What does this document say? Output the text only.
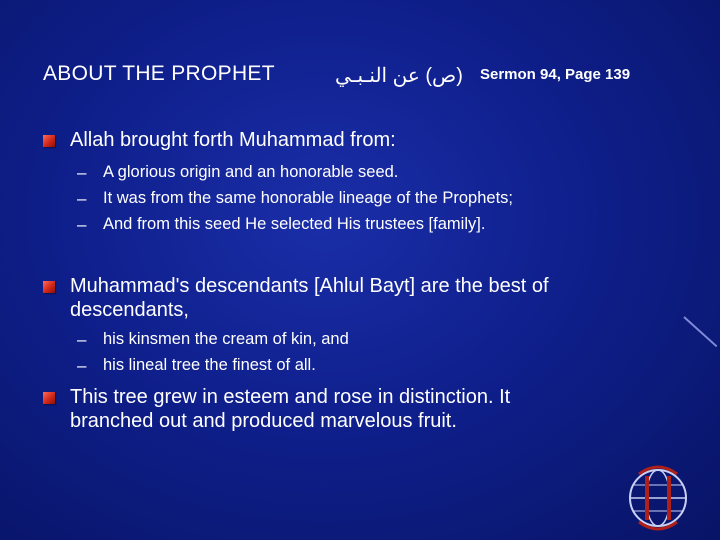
ABOUT THE PROPHET	(ص) عن النـبـي Sermon 94, Page 139
Allah brought forth Muhammad from:
– A glorious origin and an honorable seed.
– It was from the same honorable lineage of the Prophets;
– And from this seed He selected His trustees [family].
Muhammad's descendants [Ahlul Bayt] are the best of
descendants,
– his kinsmen the cream of kin, and
– his lineal tree the finest of all.
This tree grew in esteem and rose in distinction. It
branched out and produced marvelous fruit.
